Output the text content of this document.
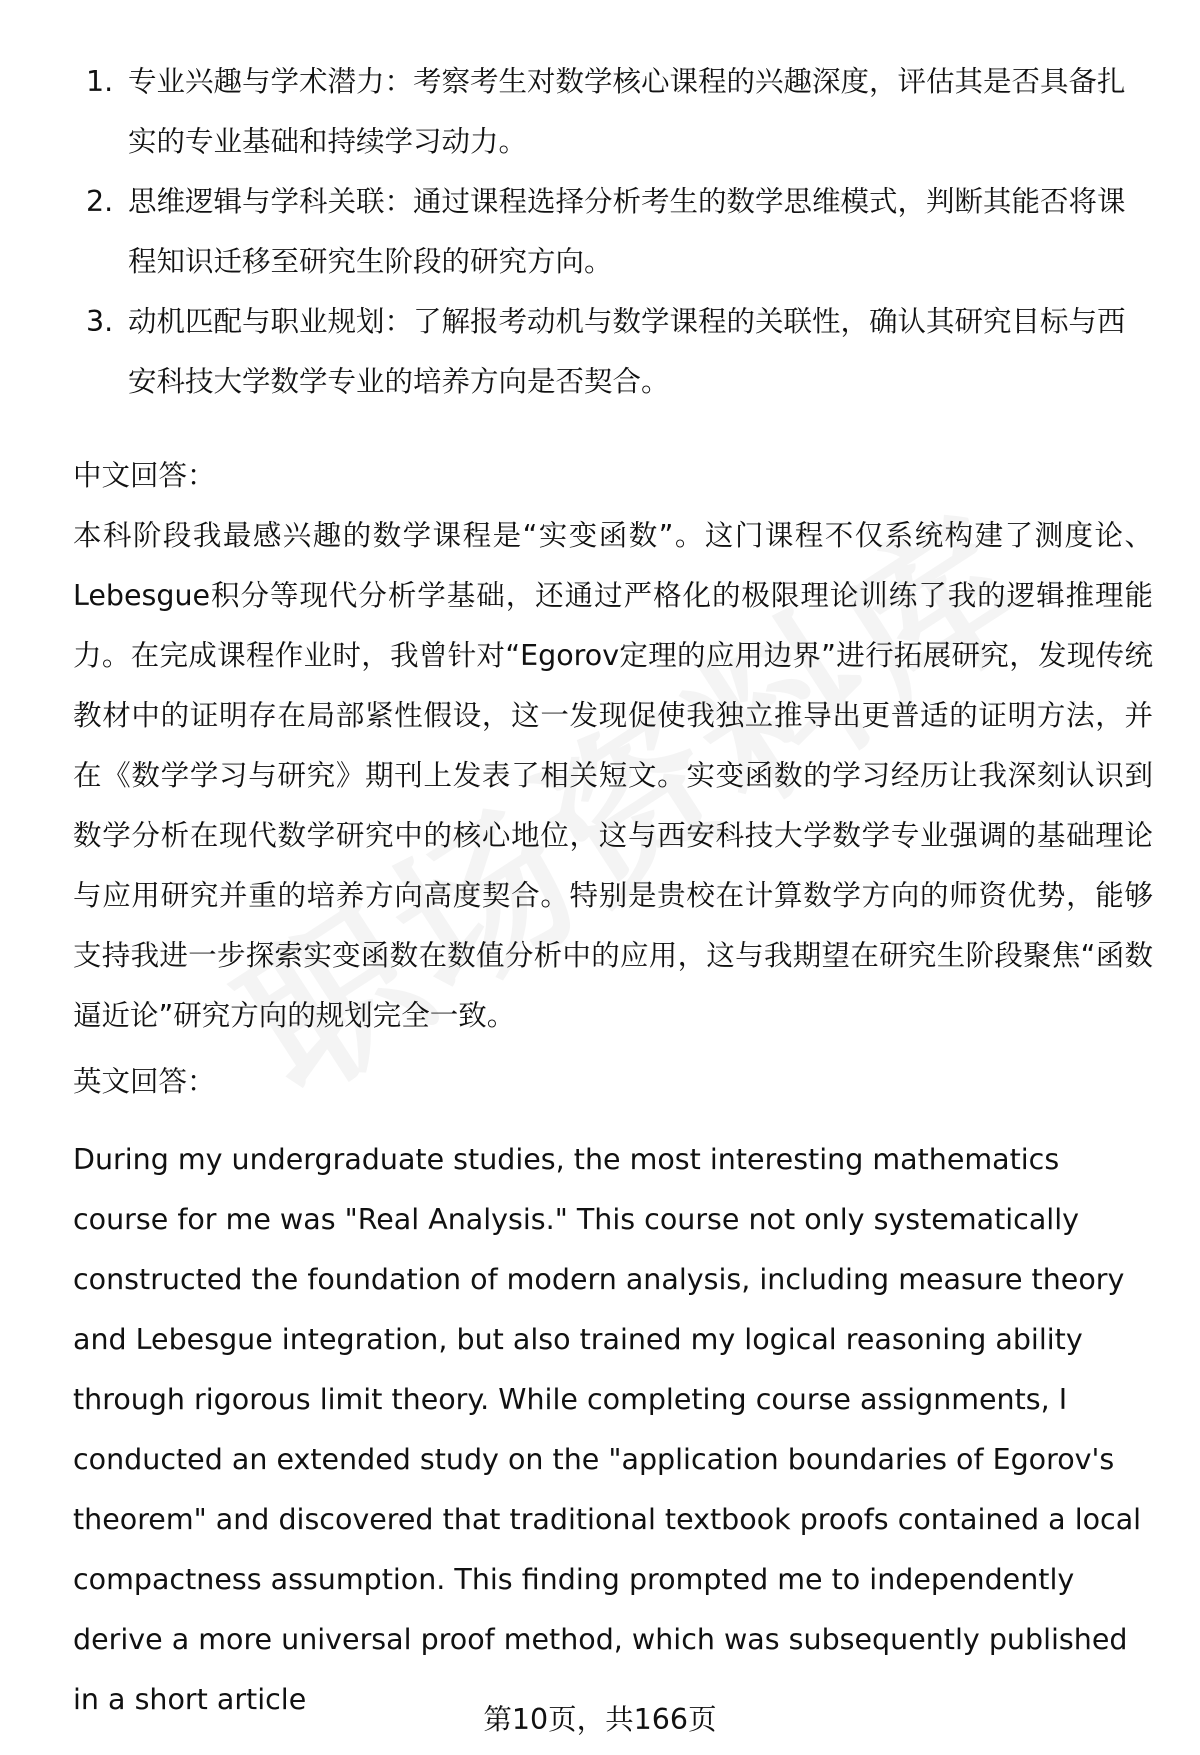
1. 专业兴趣与学术潜力：考察考生对数学核心课程的兴趣深度，评估其是否具备扎实的专业基础和持续学习动力。
2. 思维逻辑与学科关联：通过课程选择分析考生的数学思维模式，判断其能否将课程知识迁移至研究生阶段的研究方向。
3. 动机匹配与职业规划：了解报考动机与数学课程的关联性，确认其研究目标与西安科技大学数学专业的培养方向是否契合。
中文回答：

本科阶段我最感兴趣的数学课程是“实变函数”。这门课程不仅系统构建了测度论、Lebesgue积分等现代分析学基础，还通过严格化的极限理论训练了我的逻辑推理能力。在完成课程作业时，我曾针对“Egorov定理的应用边界”进行拓展研究，发现传统教材中的证明存在局部紧性假设，这一发现促使我独立推导出更普适的证明方法，并在《数学学习与研究》期刊上发表了相关短文。实变函数的学习经历让我深刻认识到数学分析在现代数学研究中的核心地位，这与西安科技大学数学专业强调的基础理论与应用研究并重的培养方向高度契合。特别是贵校在计算数学方向的师资优势，能够支持我进一步探索实变函数在数值分析中的应用，这与我期望在研究生阶段聚焦“函数逼近论”研究方向的规划完全一致。

英文回答：

During my undergraduate studies, the most interesting mathematics course for me was "Real Analysis." This course not only systematically constructed the foundation of modern analysis, including measure theory and Lebesgue integration, but also trained my logical reasoning ability through rigorous limit theory. While completing course assignments, I conducted an extended study on the "application boundaries of Egorov's theorem" and discovered that traditional textbook proofs contained a local compactness assumption. This finding prompted me to independently derive a more universal proof method, which was subsequently published in a short article

第10页，共166页
